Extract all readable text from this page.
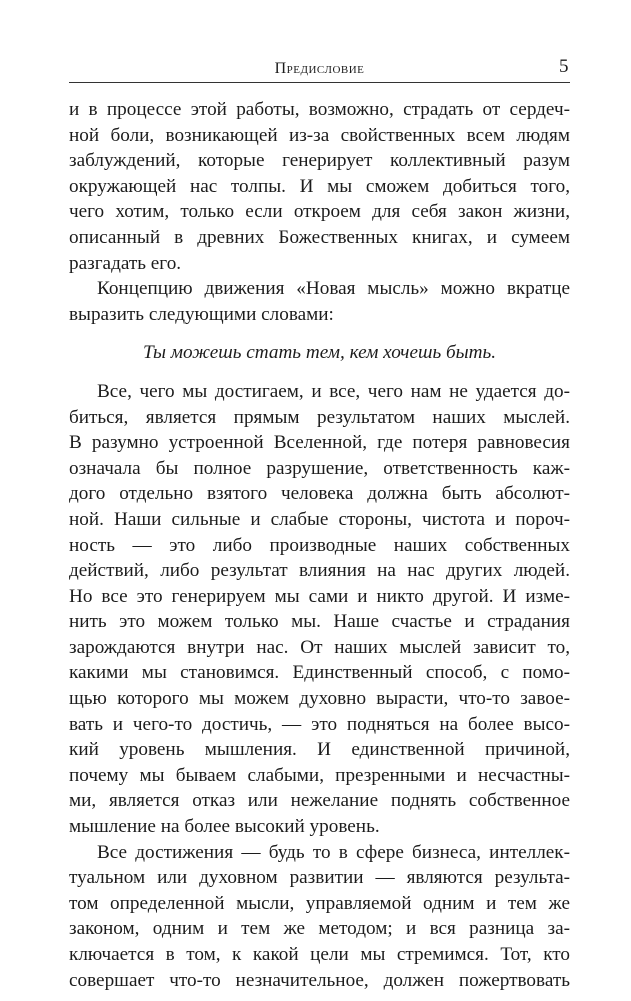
Предисловие	5

и в процессе этой работы, возможно, страдать от сердеч-

ной боли, возникающей из-за свойственных всем людям

заблуждений, которые генерирует коллективный разум

окружающей нас толпы. И мы сможем добиться того,

чего хотим, только если откроем для себя закон жизни,

описанный в древних Божественных книгах, и сумеем

разгадать его.

Концепцию движения «Новая мысль» можно вкратце

выразить следующими словами:

Ты можешь стать тем, кем хочешь быть.

Все, чего мы достигаем, и все, чего нам не удается до-

биться, является прямым результатом наших мыслей.

В разумно устроенной Вселенной, где потеря равновесия

означала бы полное разрушение, ответственность каж-

дого отдельно взятого человека должна быть абсолют-

ной. Наши сильные и слабые стороны, чистота и пороч-

ность — это либо производные наших собственных

действий, либо результат влияния на нас других людей.

Но все это генерируем мы сами и никто другой. И изме-

нить это можем только мы. Наше счастье и страдания

зарождаются внутри нас. От наших мыслей зависит то,

какими мы становимся. Единственный способ, с помо-

щью которого мы можем духовно вырасти, что-то завое-

вать и чего-то достичь, — это подняться на более высо-

кий уровень мышления. И единственной причиной,

почему мы бываем слабыми, презренными и несчастны-

ми, является отказ или нежелание поднять собственное

мышление на более высокий уровень.

Все достижения — будь то в сфере бизнеса, интеллек-

туальном или духовном развитии — являются результа-

том определенной мысли, управляемой одним и тем же

законом, одним и тем же методом; и вся разница за-

ключается в том, к какой цели мы стремимся. Тот, кто

совершает что-то незначительное, должен пожертвовать
